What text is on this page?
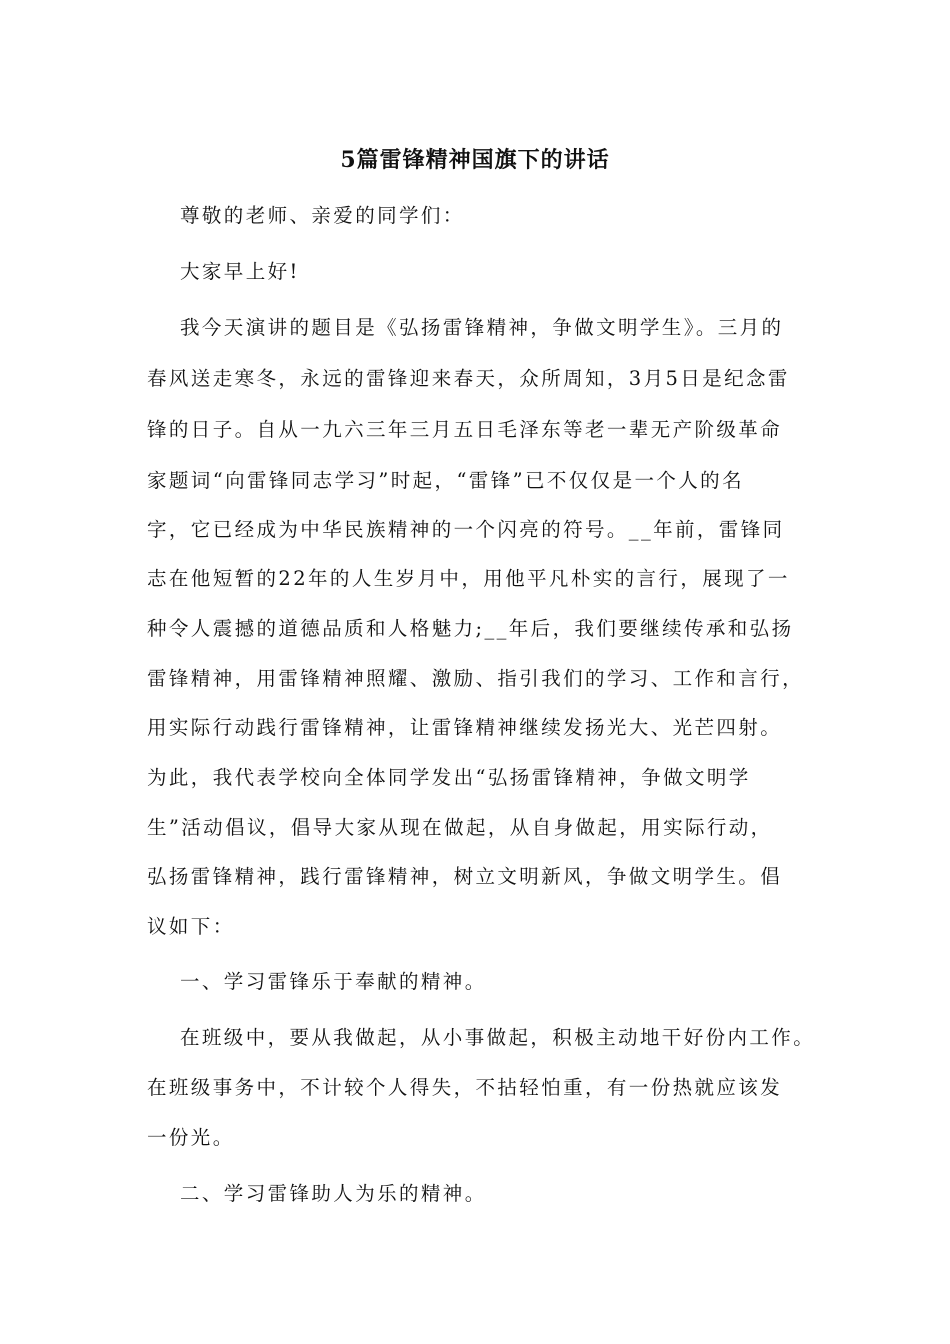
5篇雷锋精神国旗下的讲话
尊敬的老师、亲爱的同学们：
大家早上好!
我今天演讲的题目是《弘扬雷锋精神，争做文明学生》。三月的
春风送走寒冬，永远的雷锋迎来春天，众所周知，3月5日是纪念雷
锋的日子。自从一九六三年三月五日毛泽东等老一辈无产阶级革命
家题词“向雷锋同志学习”时起，“雷锋”已不仅仅是一个人的名
字，它已经成为中华民族精神的一个闪亮的符号。__年前，雷锋同
志在他短暂的22年的人生岁月中，用他平凡朴实的言行，展现了一
种令人震撼的道德品质和人格魅力;__年后，我们要继续传承和弘扬
雷锋精神，用雷锋精神照耀、激励、指引我们的学习、工作和言行，
用实际行动践行雷锋精神，让雷锋精神继续发扬光大、光芒四射。
为此，我代表学校向全体同学发出“弘扬雷锋精神，争做文明学
生”活动倡议，倡导大家从现在做起，从自身做起，用实际行动，
弘扬雷锋精神，践行雷锋精神，树立文明新风，争做文明学生。倡
议如下：
一、学习雷锋乐于奉献的精神。
在班级中，要从我做起，从小事做起，积极主动地干好份内工作。
在班级事务中，不计较个人得失，不拈轻怕重，有一份热就应该发
一份光。
二、学习雷锋助人为乐的精神。
